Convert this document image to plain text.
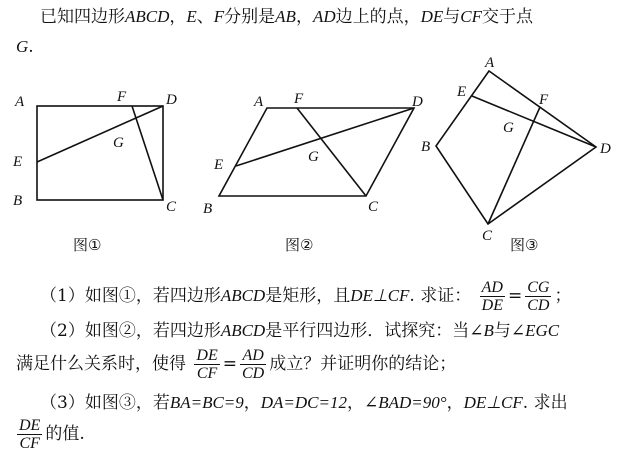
已知四边形ABCD，E、F分别是AB，AD边上的点，DE与CF交于点
G.
A
E
B
F	D
G
C
图①
A F	D
E	G
B	C
图②
A
E	F
G
B	D
C 图③
（1）如图①，若四边形ABCD是矩形，且DE⊥CF. 求证： $\frac{AD}{DE} = \frac{CG}{CD}$ ；
（2）如图②，若四边形ABCD是平行四边形．试探究：当∠B与∠EGC
满足什么关系时，使得 $\frac{DE}{CF} = \frac{AD}{CD}$ 成立？并证明你的结论；
（3）如图③，若BA=BC=9，DA=DC=12，∠BAD=90°，DE⊥CF. 求出
$\frac{DE}{CF}$ 的值.
